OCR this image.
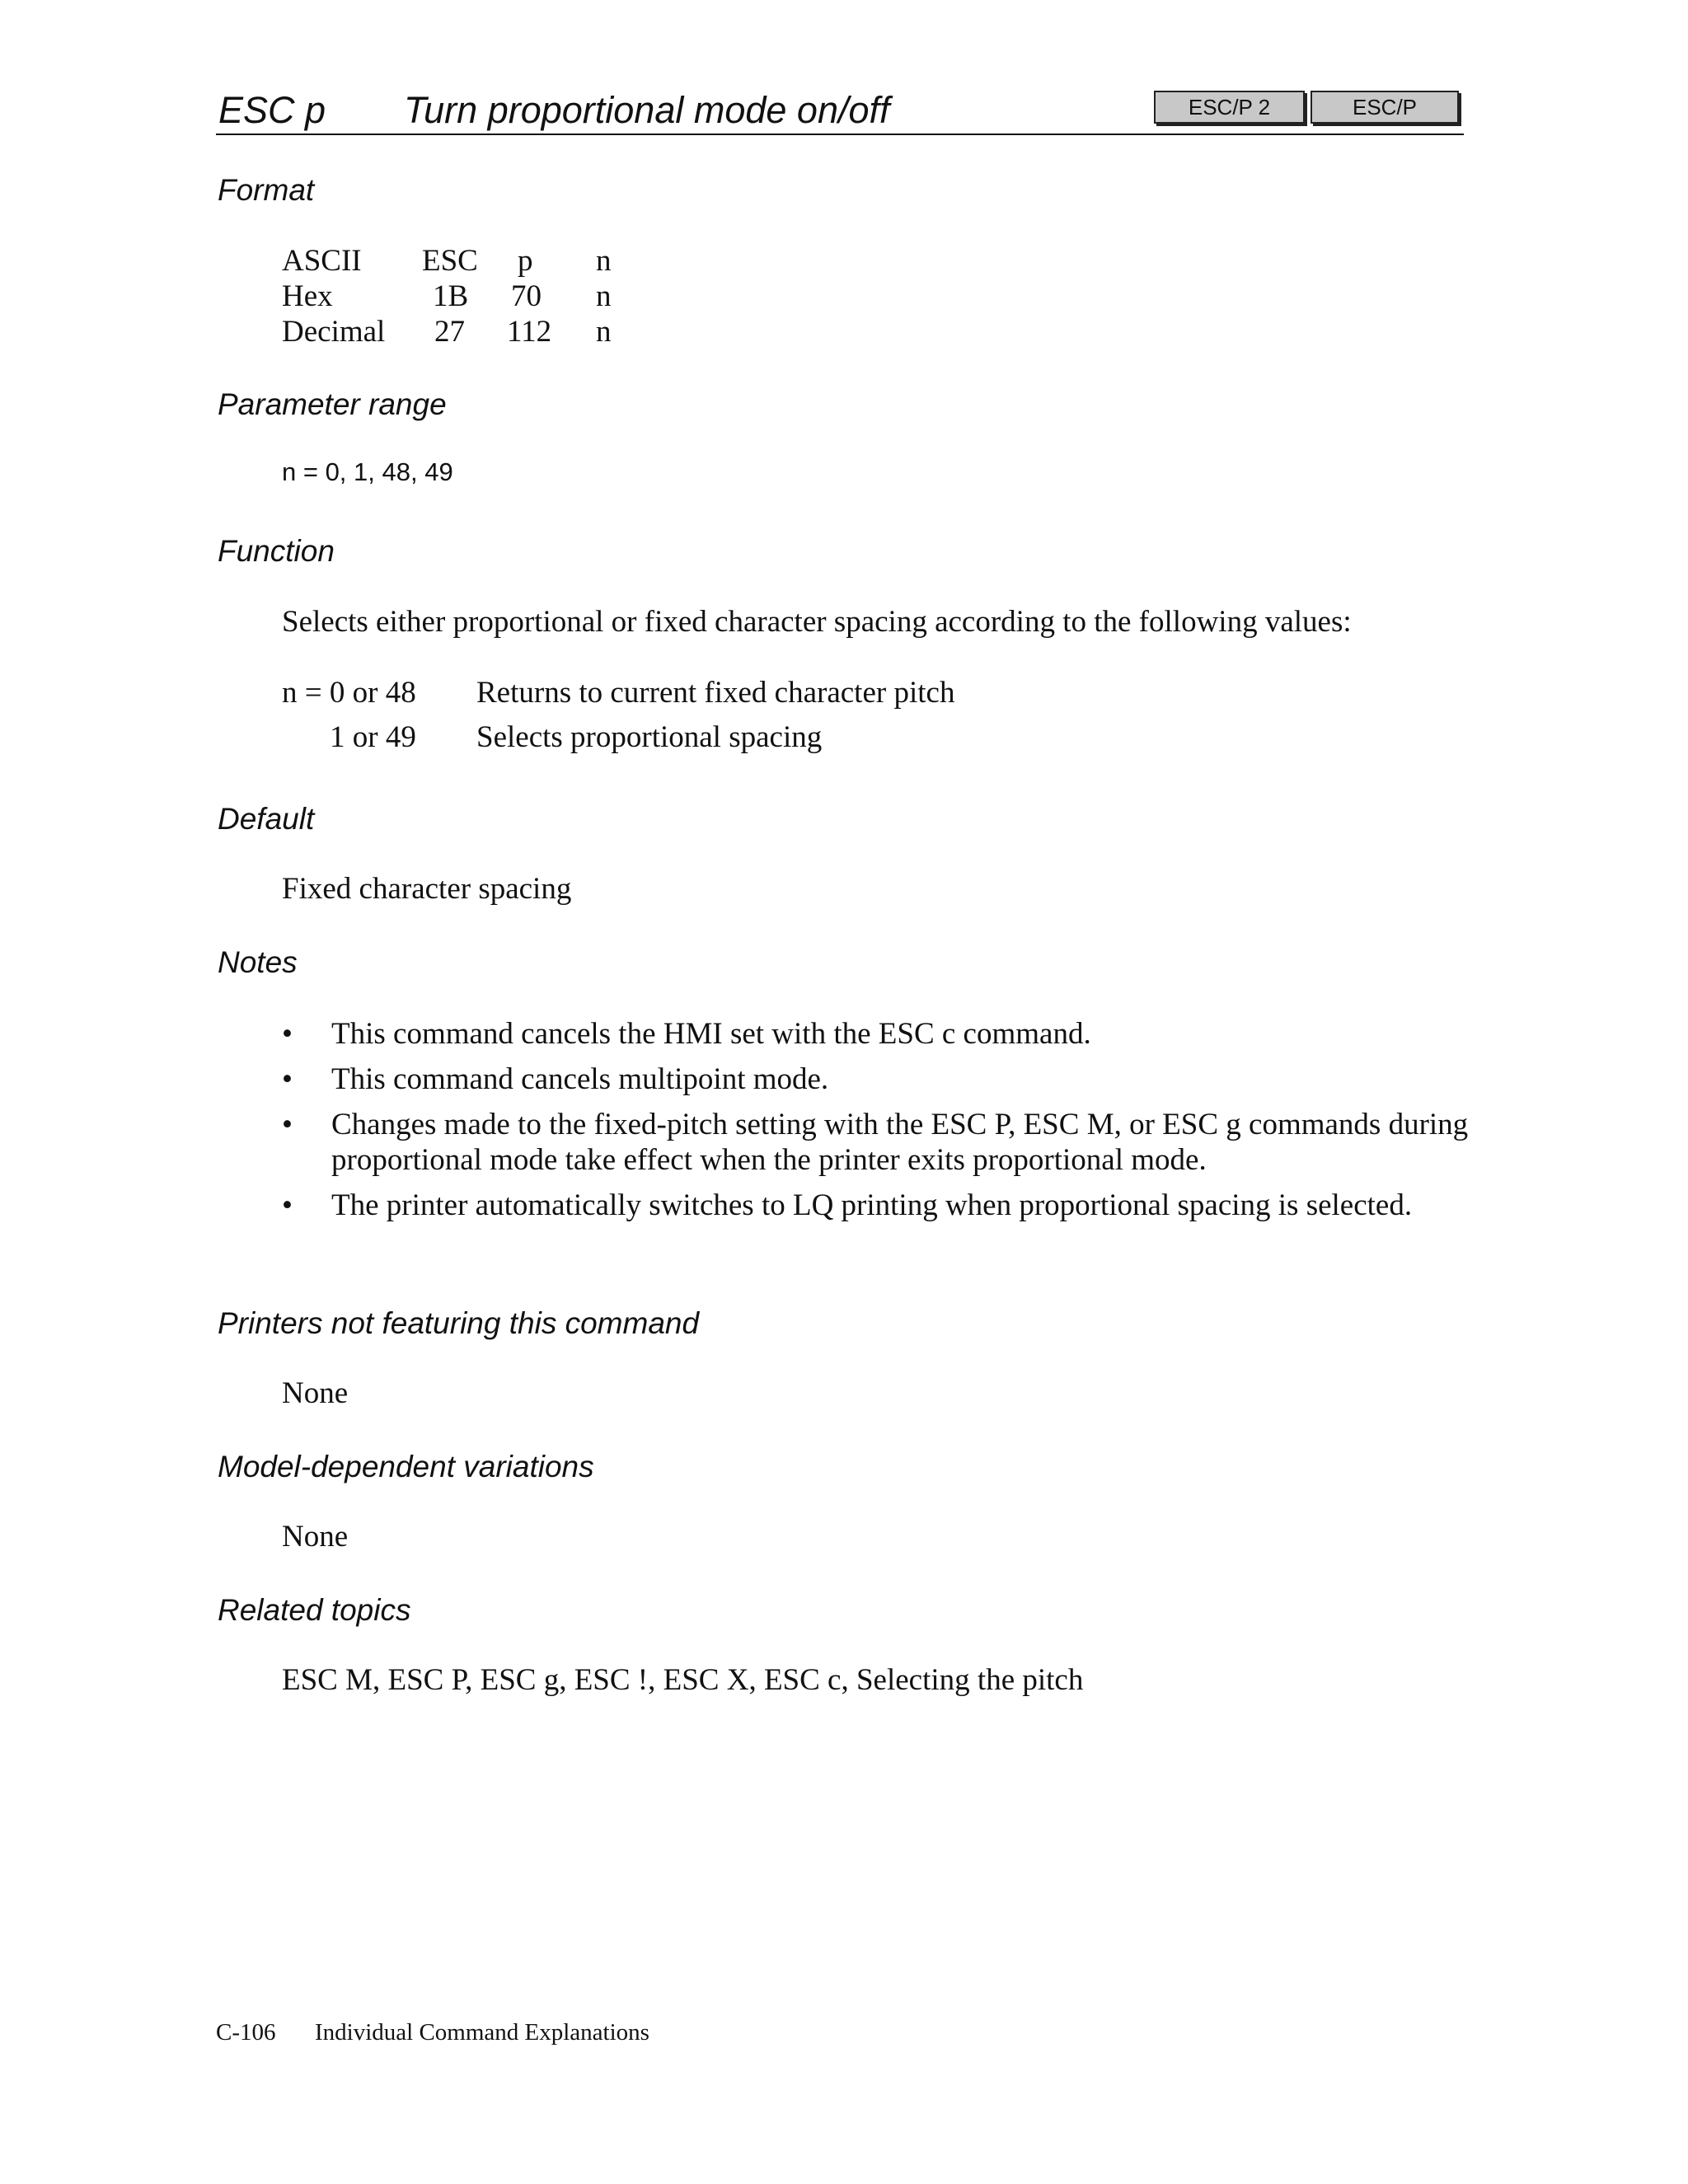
ESC p Turn proportional mode on/off	ESC/P 2	ESC/P
Format
ASCII ESC p n
Hex	1B 70 n
Decimal 27 112 n
Parameter range
n = 0, 1, 48, 49
Function
Selects either proportional or fixed character spacing according to the following values:
n = 0 or 48 Returns to current fixed character pitch
1 or 49 Selects proportional spacing
Default
Fixed character spacing
Notes
• This command cancels the HMI set with the ESC c command.
• This command cancels multipoint mode.
• Changes made to the fixed-pitch setting with the ESC P, ESC M, or ESC g commands during proportional mode take effect when the printer exits proportional mode.
• The printer automatically switches to LQ printing when proportional spacing is selected.
Printers not featuring this command
None
Model-dependent variations
None
Related topics
ESC M, ESC P, ESC g, ESC !, ESC X, ESC c, Selecting the pitch
C-106 Individual Command Explanations
